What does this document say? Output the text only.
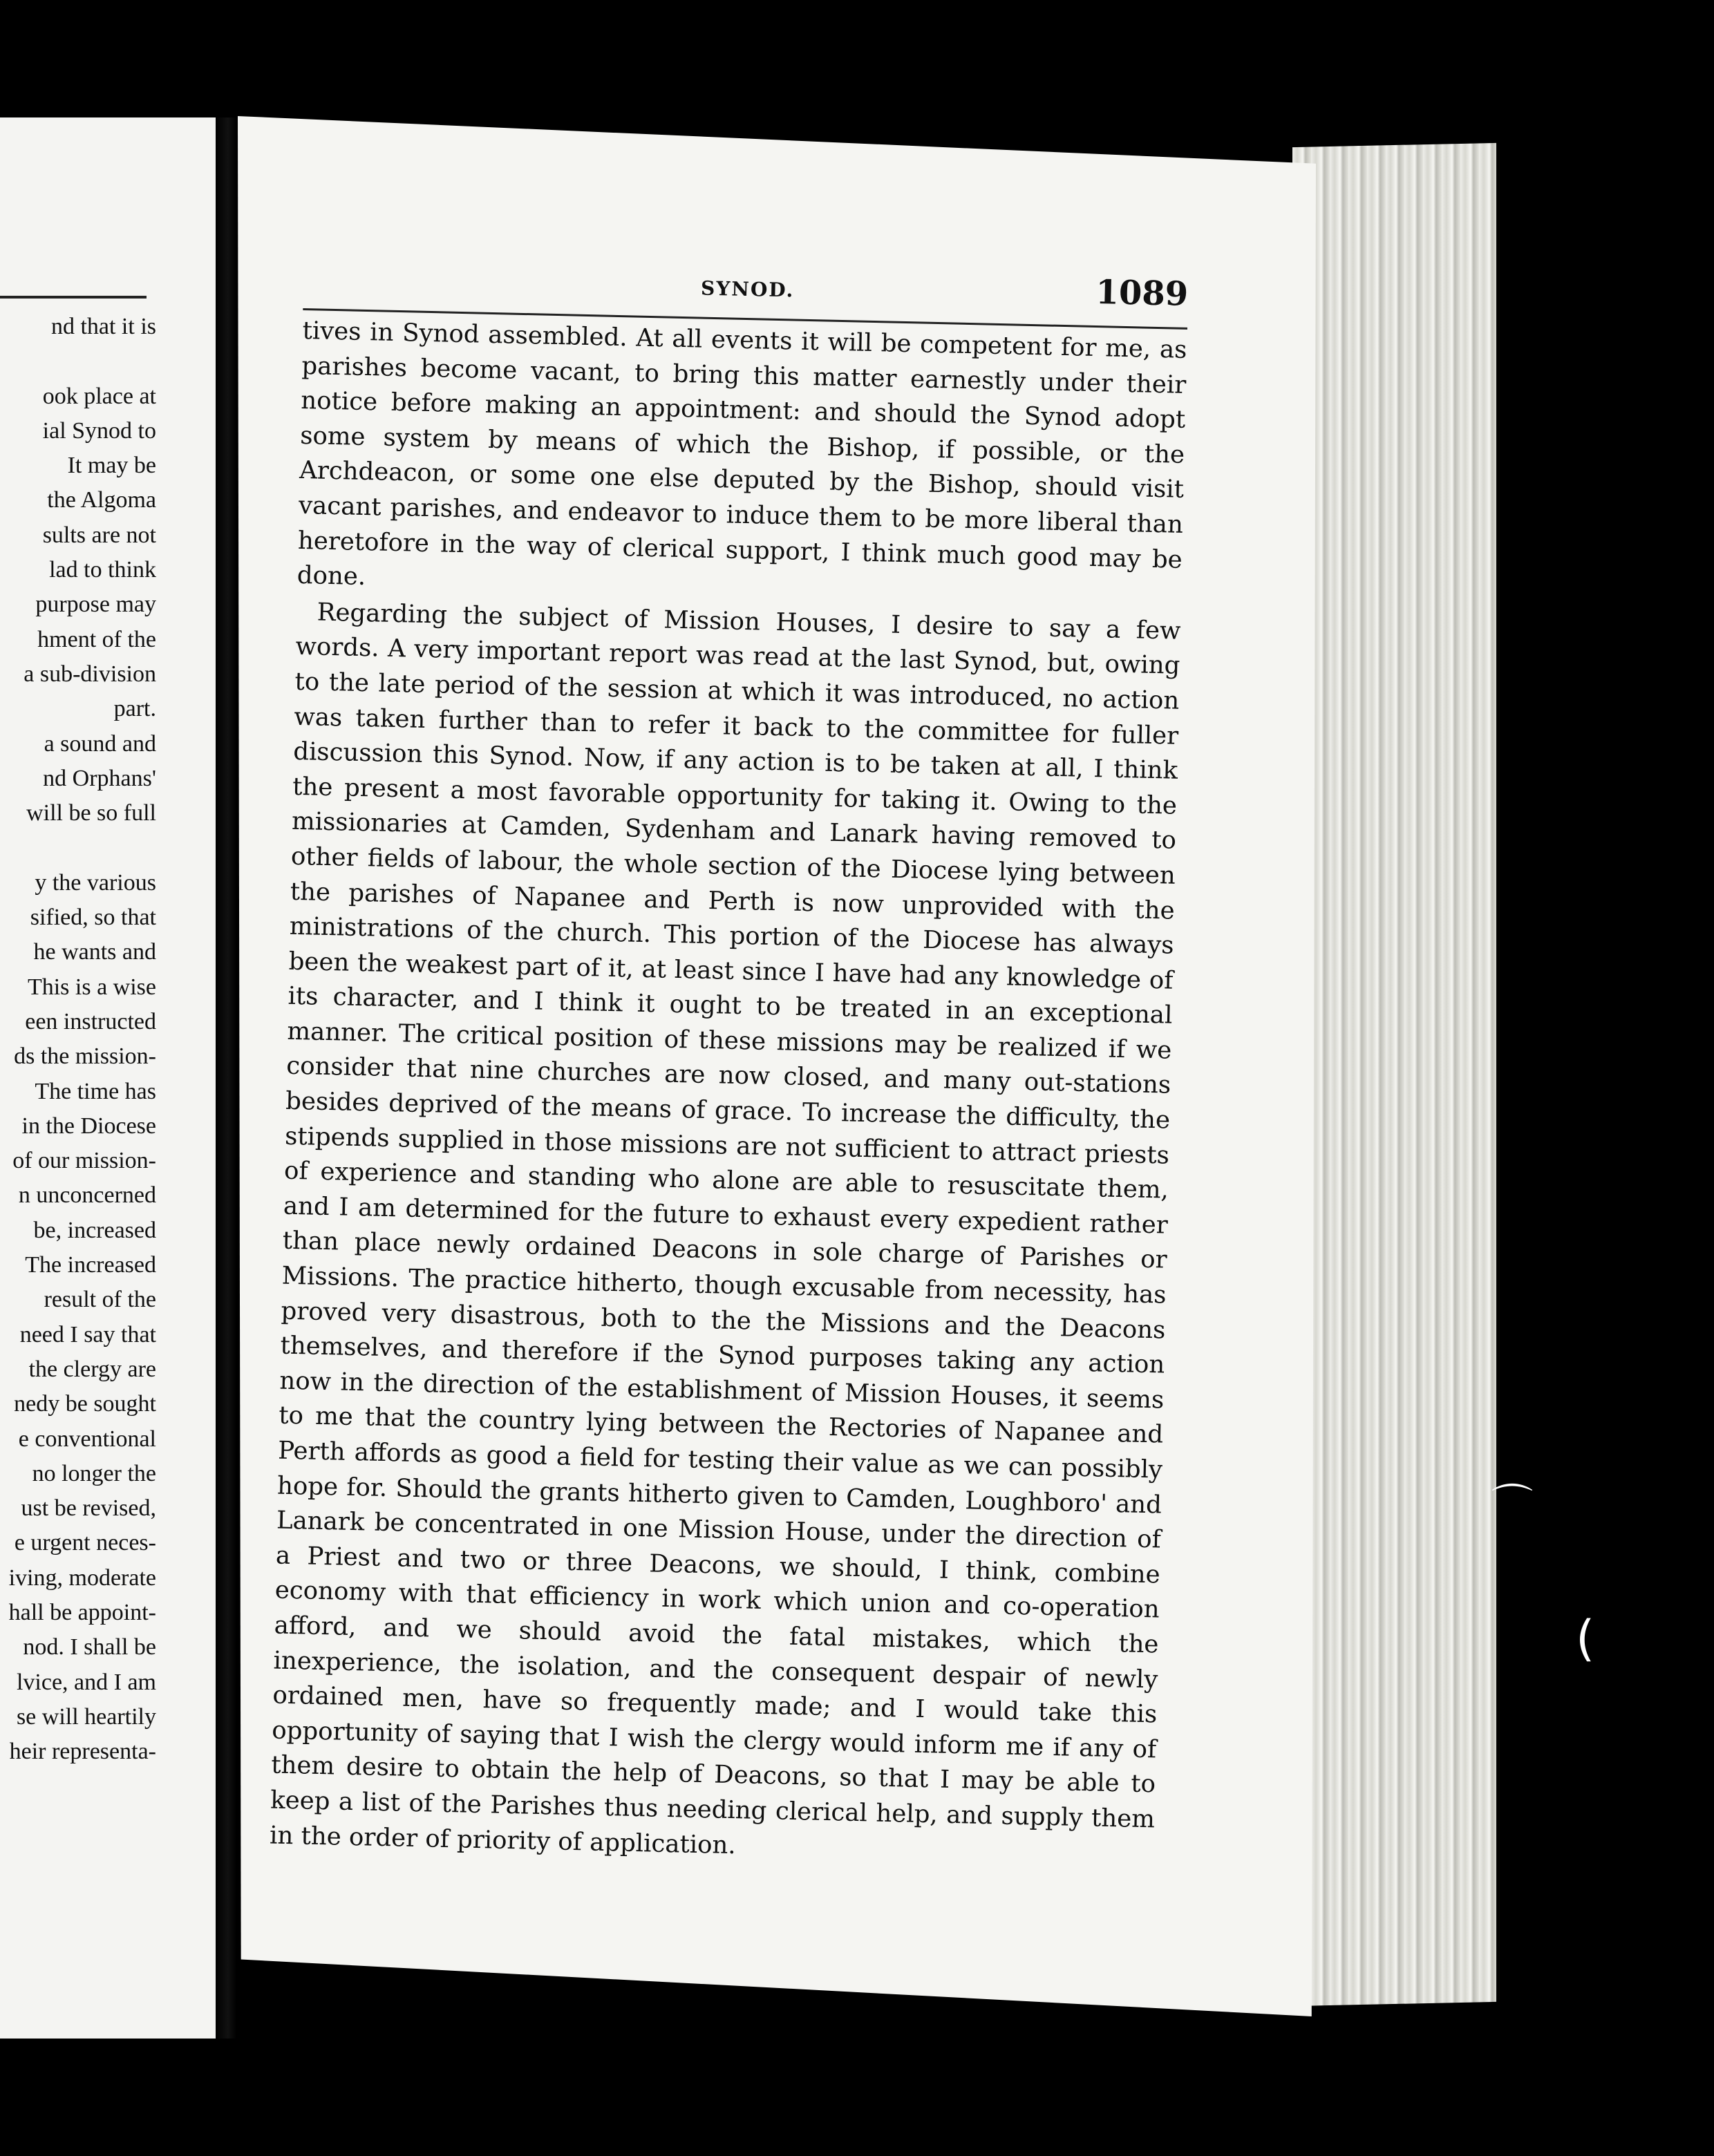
nd that it is
ook place at
ial Synod to
It may be
the Algoma
sults are not
lad to think
purpose may
hment of the
a sub-division
part.
a sound and
nd Orphans'
will be so full
y the various
sified, so that
he wants and
This is a wise
een instructed
ds the mission-
The time has
in the Diocese
of our mission-
n unconcerned
be, increased
The increased
result of the
need I say that
the clergy are
nedy be sought
e conventional
no longer the
ust be revised,
e urgent neces-
iving, moderate
hall be appoint-
nod. I shall be
lvice, and I am
se will heartily
heir representa-
SYNOD.	1089

tives in Synod assembled. At all events it will be competent for me, as parishes become vacant, to bring this matter earnestly under their notice before making an appointment: and should the Synod adopt some system by means of which the Bishop, if possible, or the Archdeacon, or some one else deputed by the Bishop, should visit vacant parishes, and endeavor to induce them to be more liberal than heretofore in the way of clerical support, I think much good may be done.

Regarding the subject of Mission Houses, I desire to say a few words. A very important report was read at the last Synod, but, owing to the late period of the session at which it was introduced, no action was taken further than to refer it back to the committee for fuller discussion this Synod. Now, if any action is to be taken at all, I think the present a most favorable opportunity for taking it. Owing to the missionaries at Camden, Sydenham and Lanark having removed to other fields of labour, the whole section of the Diocese lying between the parishes of Napanee and Perth is now unprovided with the ministrations of the church. This portion of the Diocese has always been the weakest part of it, at least since I have had any knowledge of its character, and I think it ought to be treated in an exceptional manner. The critical position of these missions may be realized if we consider that nine churches are now closed, and many out-stations besides deprived of the means of grace. To increase the difficulty, the stipends supplied in those missions are not sufficient to attract priests of experience and standing who alone are able to resuscitate them, and I am determined for the future to exhaust every expedient rather than place newly ordained Deacons in sole charge of Parishes or Missions. The practice hitherto, though excusable from necessity, has proved very disastrous, both to the the Missions and the Deacons themselves, and therefore if the Synod purposes taking any action now in the direction of the establishment of Mission Houses, it seems to me that the country lying between the Rectories of Napanee and Perth affords as good a field for testing their value as we can possibly hope for. Should the grants hitherto given to Camden, Loughboro' and Lanark be concentrated in one Mission House, under the direction of a Priest and two or three Deacons, we should, I think, combine economy with that efficiency in work which union and co-operation afford, and we should avoid the fatal mistakes, which the inexperience, the isolation, and the consequent despair of newly ordained men, have so frequently made; and I would take this opportunity of saying that I wish the clergy would inform me if any of them desire to obtain the help of Deacons, so that I may be able to keep a list of the Parishes thus needing clerical help, and supply them in the order of priority of application.

⌒
(
